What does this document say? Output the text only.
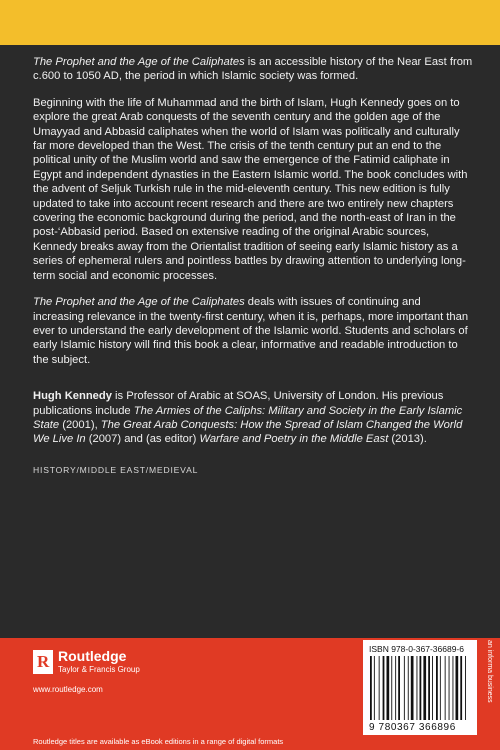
The Prophet and the Age of the Caliphates is an accessible history of the Near East from c.600 to 1050 AD, the period in which Islamic society was formed.

Beginning with the life of Muhammad and the birth of Islam, Hugh Kennedy goes on to explore the great Arab conquests of the seventh century and the golden age of the Umayyad and Abbasid caliphates when the world of Islam was politically and culturally far more developed than the West. The crisis of the tenth century put an end to the political unity of the Muslim world and saw the emergence of the Fatimid caliphate in Egypt and independent dynasties in the Eastern Islamic world. The book concludes with the advent of Seljuk Turkish rule in the mid-eleventh century. This new edition is fully updated to take into account recent research and there are two entirely new chapters covering the economic background during the period, and the north-east of Iran in the post-‘Abbasid period. Based on extensive reading of the original Arabic sources, Kennedy breaks away from the Orientalist tradition of seeing early Islamic history as a series of ephemeral rulers and pointless battles by drawing attention to underlying long-term social and economic processes.

The Prophet and the Age of the Caliphates deals with issues of continuing and increasing relevance in the twenty-first century, when it is, perhaps, more important than ever to understand the early development of the Islamic world. Students and scholars of early Islamic history will find this book a clear, informative and readable introduction to the subject.

Hugh Kennedy is Professor of Arabic at SOAS, University of London. His previous publications include The Armies of the Caliphs: Military and Society in the Early Islamic State (2001), The Great Arab Conquests: How the Spread of Islam Changed the World We Live In (2007) and (as editor) Warfare and Poetry in the Middle East (2013).

HISTORY/MIDDLE EAST/MEDIEVAL
R Routledge
Taylor & Francis Group
www.routledge.com
Routledge titles are available as eBook editions in a range of digital formats
ISBN 978-0-367-36689-6
9 780367 366896
an informa business
